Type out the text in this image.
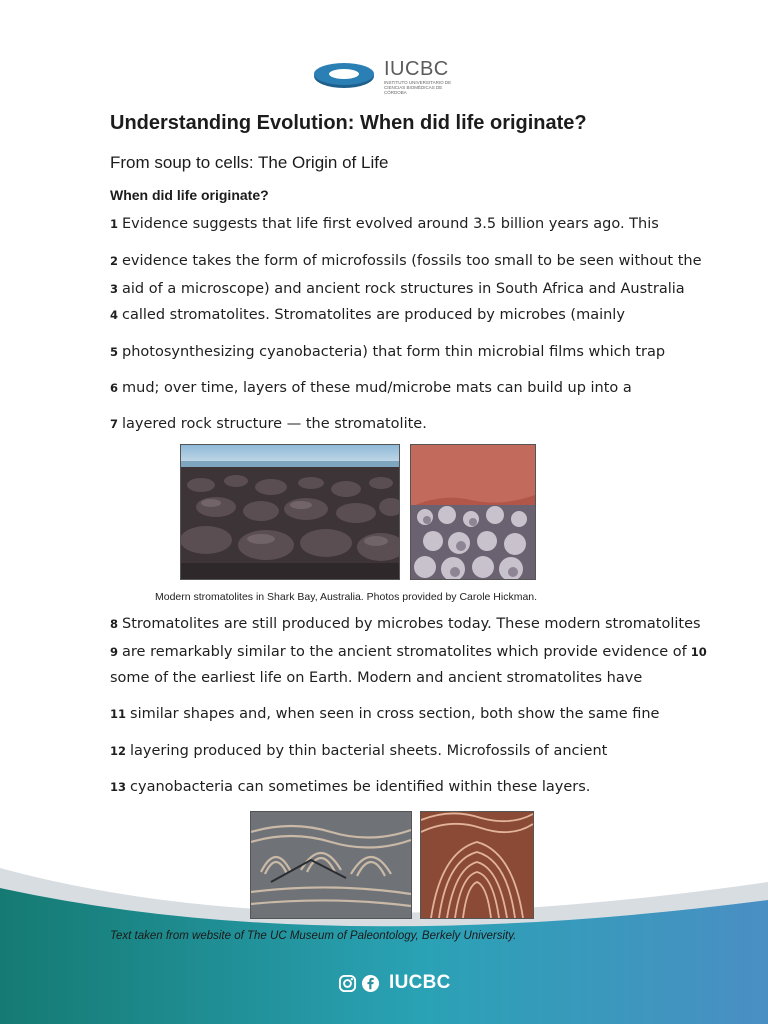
IUCBC
INSTITUTO UNIVERSITARIO DE CIENCIAS BIOMÉDICAS DE CÓRDOBA
Understanding Evolution: When did life originate?
From soup to cells: The Origin of Life
When did life originate?
1 Evidence suggests that life first evolved around 3.5 billion years ago. This
2 evidence takes the form of microfossils (fossils too small to be seen without the
3 aid of a microscope) and ancient rock structures in South Africa and Australia
4 called stromatolites. Stromatolites are produced by microbes (mainly
5 photosynthesizing cyanobacteria) that form thin microbial films which trap
6 mud; over time, layers of these mud/microbe mats can build up into a
7 layered rock structure — the stromatolite.
Modern stromatolites in Shark Bay, Australia. Photos provided by Carole Hickman.
8 Stromatolites are still produced by microbes today. These modern stromatolites
9 are remarkably similar to the ancient stromatolites which provide evidence of 10
some of the earliest life on Earth. Modern and ancient stromatolites have
11 similar shapes and, when seen in cross section, both show the same fine
12 layering produced by thin bacterial sheets. Microfossils of ancient
13 cyanobacteria can sometimes be identified within these layers.
Text taken from website of The UC Museum of Paleontology, Berkely University.
IUCBC
